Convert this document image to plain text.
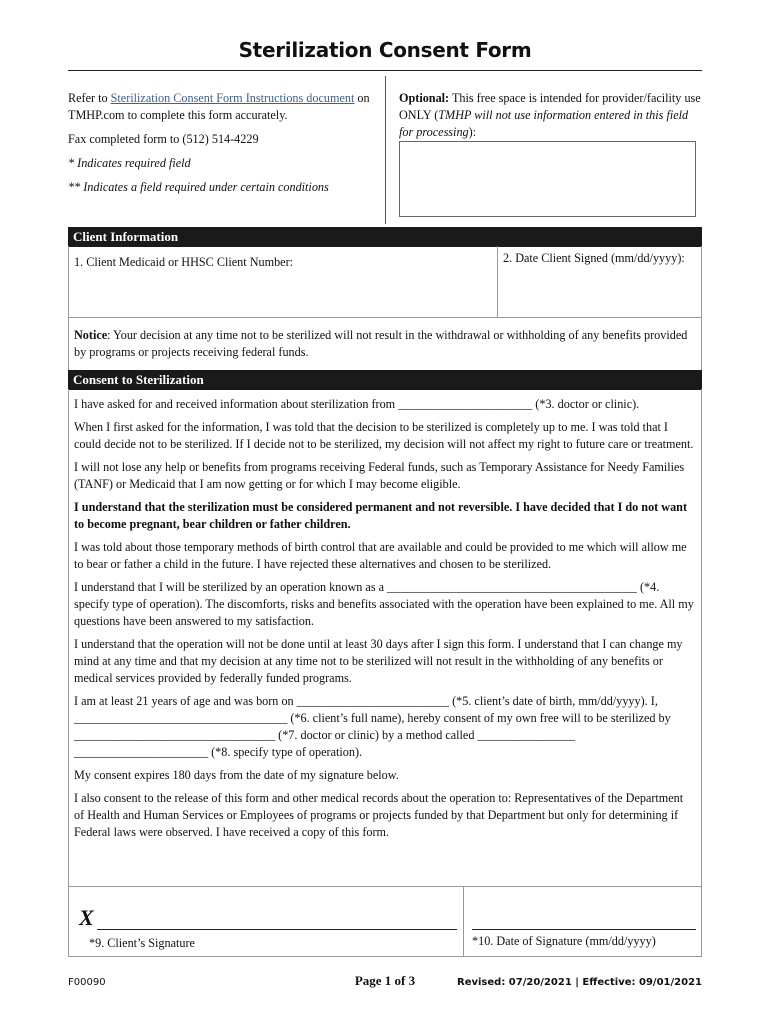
Sterilization Consent Form

Refer to Sterilization Consent Form Instructions document on TMHP.com to complete this form accurately.

Fax completed form to (512) 514-4229

* Indicates required field

** Indicates a field required under certain conditions

Optional: This free space is intended for provider/facility use ONLY (TMHP will not use information entered in this field for processing):
Client Information
1. Client Medicaid or HHSC Client Number:	2. Date Client Signed (mm/dd/yyyy):
Notice: Your decision at any time not to be sterilized will not result in the withdrawal or withholding of any benefits provided by programs or projects receiving federal funds.
Consent to Sterilization

I have asked for and received information about sterilization from ______________________ (*3. doctor or clinic).

When I first asked for the information, I was told that the decision to be sterilized is completely up to me. I was told that I could decide not to be sterilized. If I decide not to be sterilized, my decision will not affect my right to future care or treatment.

I will not lose any help or benefits from programs receiving Federal funds, such as Temporary Assistance for Needy Families (TANF) or Medicaid that I am now getting or for which I may become eligible.

I understand that the sterilization must be considered permanent and not reversible. I have decided that I do not want to become pregnant, bear children or father children.

I was told about those temporary methods of birth control that are available and could be provided to me which will allow me to bear or father a child in the future. I have rejected these alternatives and chosen to be sterilized.

I understand that I will be sterilized by an operation known as a _________________________________________ (*4. specify type of operation). The discomforts, risks and benefits associated with the operation have been explained to me. All my questions have been answered to my satisfaction.

I understand that the operation will not be done until at least 30 days after I sign this form. I understand that I can change my mind at any time and that my decision at any time not to be sterilized will not result in the withholding of any benefits or medical services provided by federally funded programs.

I am at least 21 years of age and was born on _________________________ (*5. client’s date of birth, mm/dd/yyyy). I, ___________________________________ (*6. client’s full name), hereby consent of my own free will to be sterilized by _________________________________ (*7. doctor or clinic) by a method called ________________ ______________________ (*8. specify type of operation).

My consent expires 180 days from the date of my signature below.

I also consent to the release of this form and other medical records about the operation to: Representatives of the Department of Health and Human Services or Employees of programs or projects funded by that Department but only for determining if Federal laws were observed. I have received a copy of this form.

X
*9. Client’s Signature	*10. Date of Signature (mm/dd/yyyy)
F00090	Page 1 of 3	Revised: 07/20/2021 | Effective: 09/01/2021
